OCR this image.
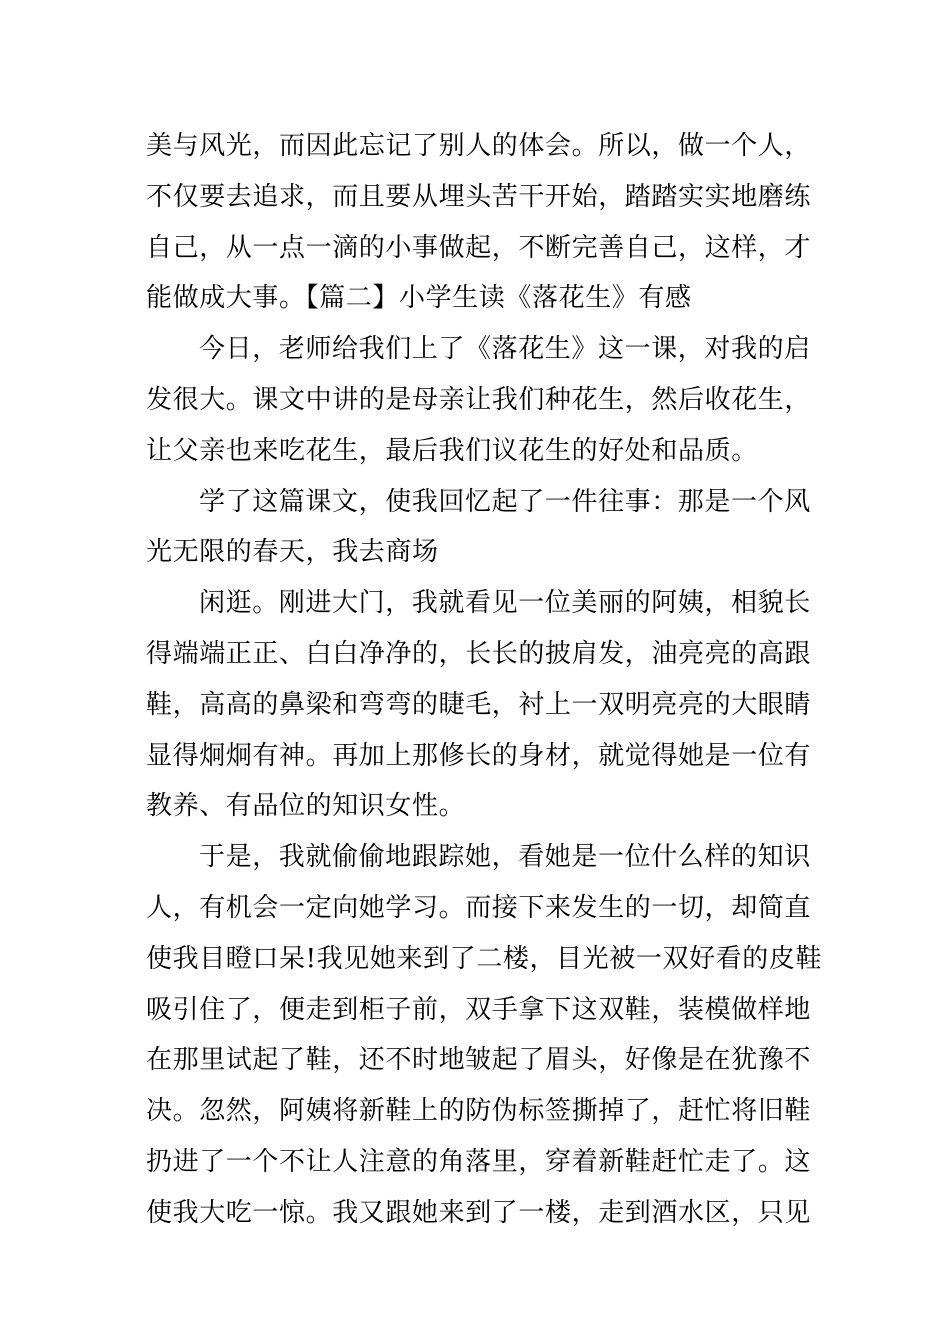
美与风光，而因此忘记了别人的体会。所以，做一个人，
不仅要去追求，而且要从埋头苦干开始，踏踏实实地磨练
自己，从一点一滴的小事做起，不断完善自己，这样，才
能做成大事。【篇二】小学生读《落花生》有感
今日，老师给我们上了《落花生》这一课，对我的启
发很大。课文中讲的是母亲让我们种花生，然后收花生，
让父亲也来吃花生，最后我们议花生的好处和品质。
学了这篇课文，使我回忆起了一件往事：那是一个风
光无限的春天，我去商场
闲逛。刚进大门，我就看见一位美丽的阿姨，相貌长
得端端正正、白白净净的，长长的披肩发，油亮亮的高跟
鞋，高高的鼻梁和弯弯的睫毛，衬上一双明亮亮的大眼睛
显得炯炯有神。再加上那修长的身材，就觉得她是一位有
教养、有品位的知识女性。
于是，我就偷偷地跟踪她，看她是一位什么样的知识
人，有机会一定向她学习。而接下来发生的一切，却简直
使我目瞪口呆!我见她来到了二楼，目光被一双好看的皮鞋
吸引住了，便走到柜子前，双手拿下这双鞋，装模做样地
在那里试起了鞋，还不时地皱起了眉头，好像是在犹豫不
决。忽然，阿姨将新鞋上的防伪标签撕掉了，赶忙将旧鞋
扔进了一个不让人注意的角落里，穿着新鞋赶忙走了。这
使我大吃一惊。我又跟她来到了一楼，走到酒水区，只见
